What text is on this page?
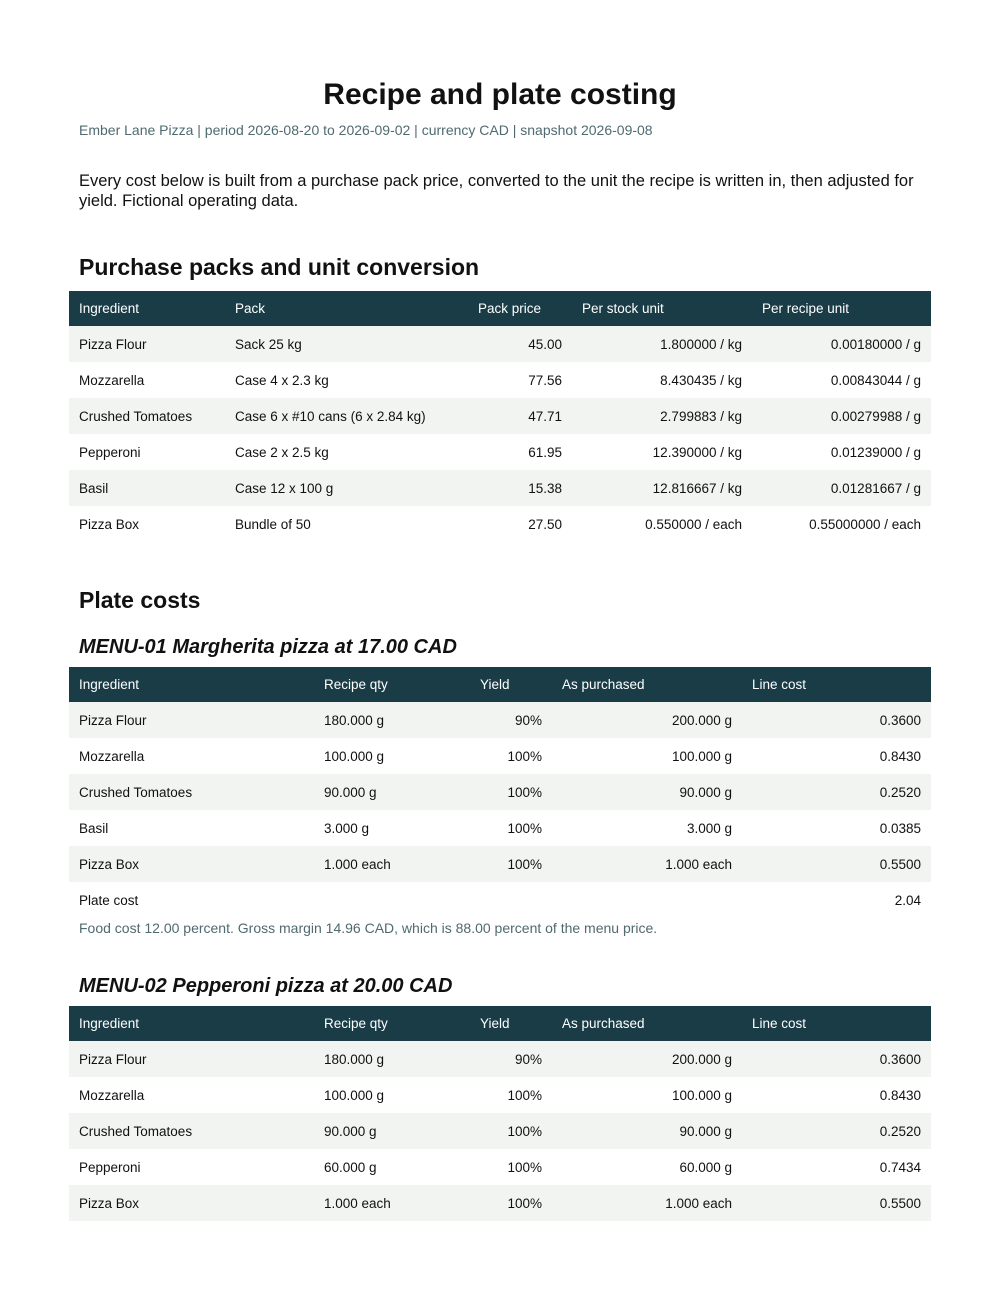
Recipe and plate costing
Ember Lane Pizza | period 2026-08-20 to 2026-09-02 | currency CAD | snapshot 2026-09-08
Every cost below is built from a purchase pack price, converted to the unit the recipe is written in, then adjusted for yield. Fictional operating data.
Purchase packs and unit conversion
Ingredient	Pack	Pack price	Per stock unit	Per recipe unit
Pizza Flour	Sack 25 kg	45.00	1.800000 / kg	0.00180000 / g
Mozzarella	Case 4 x 2.3 kg	77.56	8.430435 / kg	0.00843044 / g
Crushed Tomatoes	Case 6 x #10 cans (6 x 2.84 kg)	47.71	2.799883 / kg	0.00279988 / g
Pepperoni	Case 2 x 2.5 kg	61.95	12.390000 / kg	0.01239000 / g
Basil	Case 12 x 100 g	15.38	12.816667 / kg	0.01281667 / g
Pizza Box	Bundle of 50	27.50	0.550000 / each	0.55000000 / each
Plate costs
MENU-01 Margherita pizza at 17.00 CAD
Ingredient	Recipe qty	Yield	As purchased	Line cost
Pizza Flour	180.000 g	90%	200.000 g	0.3600
Mozzarella	100.000 g	100%	100.000 g	0.8430
Crushed Tomatoes	90.000 g	100%	90.000 g	0.2520
Basil	3.000 g	100%	3.000 g	0.0385
Pizza Box	1.000 each	100%	1.000 each	0.5500
Plate cost				2.04
Food cost 12.00 percent. Gross margin 14.96 CAD, which is 88.00 percent of the menu price.
MENU-02 Pepperoni pizza at 20.00 CAD
Ingredient	Recipe qty	Yield	As purchased	Line cost
Pizza Flour	180.000 g	90%	200.000 g	0.3600
Mozzarella	100.000 g	100%	100.000 g	0.8430
Crushed Tomatoes	90.000 g	100%	90.000 g	0.2520
Pepperoni	60.000 g	100%	60.000 g	0.7434
Pizza Box	1.000 each	100%	1.000 each	0.5500
